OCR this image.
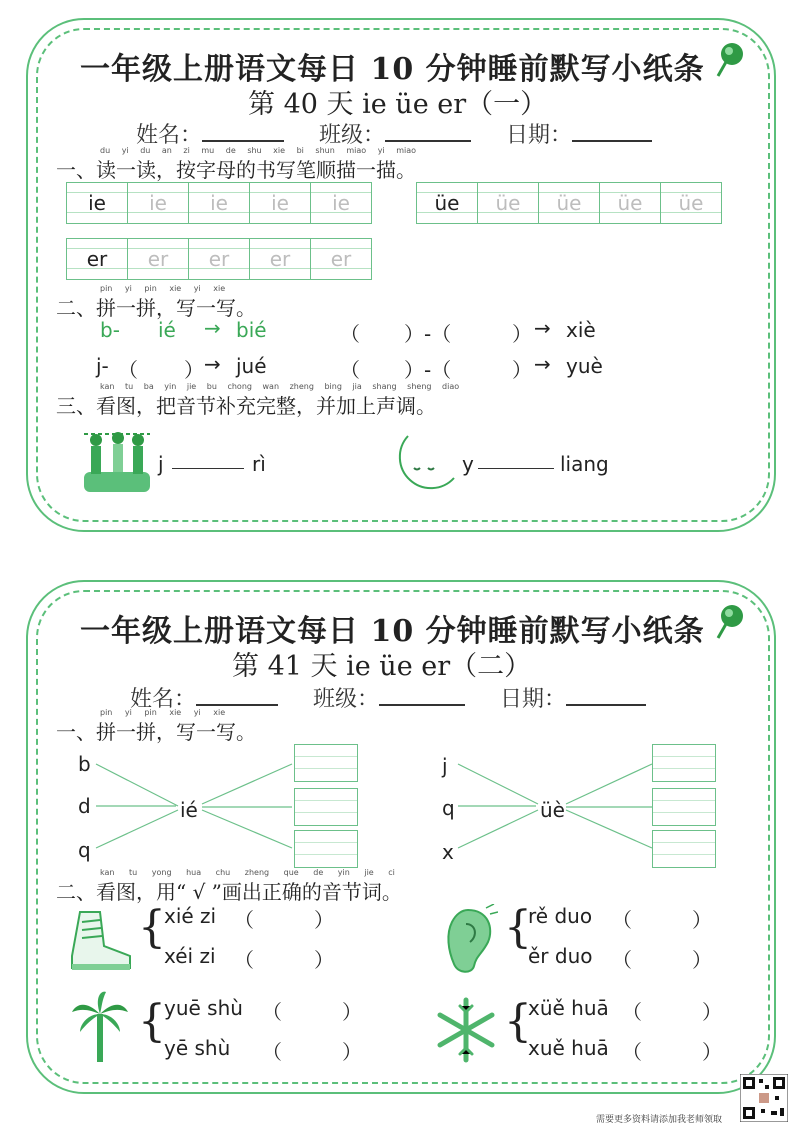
一年级上册语文每日 10 分钟睡前默写小纸条
第 40 天 ie üe er（一）
姓名：	班级：	日期：
du yi du an zi mu de shu xie bi shun miao yi miao
一、读一读，按字母的书写笔顺描一描。
ie	ie	ie	ie	ie	üe	üe	üe	üe	üe
er	er	er	er	er
pin yi pin xie yi xie
二、拼一拼，写一写。
b- ié → bié	（ ）-（	） → xiè
j- （ ） → jué	（ ）-（	） → yuè
kan tu ba yin jie bu chong wan zheng bing jia shang sheng diao
三、看图，把音节补充完整，并加上声调。
j	rì	y	liang
一年级上册语文每日 10 分钟睡前默写小纸条
第 41 天 ie üe er（二）
姓名：	班级：	日期：
pin yi pin xie yi xie
一、拼一拼，写一写。
b
d
q
ié
j
q
x
üè
kan tu yong hua chu zheng que de yin jie ci
二、看图，用“ √ ”画出正确的音节词。
{
xié zi （　　　）
xéi zi （　　　）
{
rě duo （　　　）
ěr duo （　　　）
{
yuē shù （　　　）
yē shù （　　　）
{
xüě huā （　　　）
xuě huā （　　　）
需要更多资料请添加我老师领取
